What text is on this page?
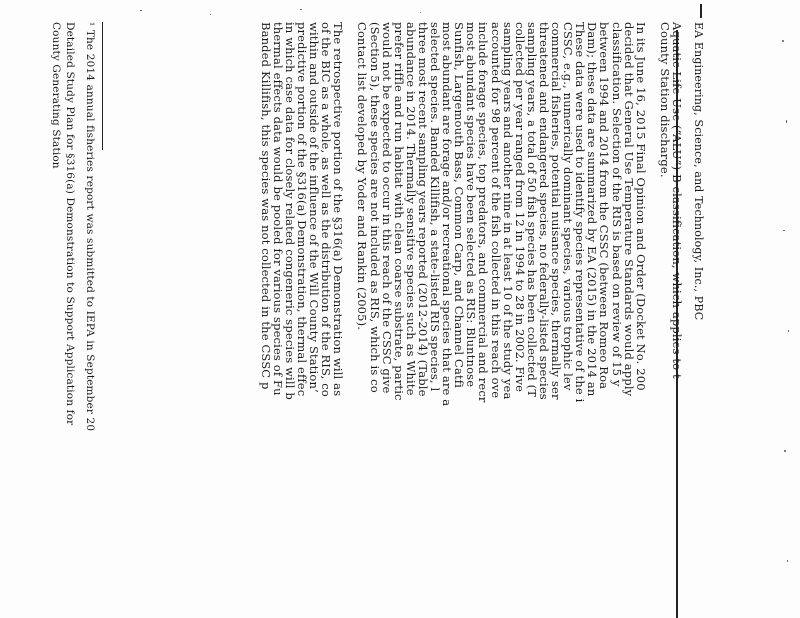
EA Engineering, Science, and Technology, Inc., PBC
Aquatic Life Use (“ALU”) B classification, which applies to t
County Station discharge.
In its June 16, 2015 Final Opinion and Order (Docket No. 200
decided that General Use Temperature Standards would apply
classification. Selection of the RIS is based on review of 15 y
between 1994 and 2014 from the CSSC (between Romeo Roa
Dam); these data are summarized by EA (2015) in the 2014 an
These data were used to identify species representative of the i
CSSC, e.g., numerically dominant species, various trophic lev
commercial fisheries, potential nuisance species, thermally ser
threatened and endangered species, no federally-listed species
sampling years, a total of 50 fish species has been collected (T
collected per year ranged from 12 in 1994 to 28 in 2002. Five
sampling years and another nine in at least 10 of the study yea
accounted for 98 percent of the fish collected in this reach ove
include forage species, top predators, and commercial and recr
most abundant species have been selected as RIS: Bluntnose
Sunfish, Largemouth Bass, Common Carp, and Channel Catfi
most abundant are forage and/or recreational species that are a
selected species. Banded Killifish, a state-listed RIS species, l
three most recent sampling years reported (2012-2014) (Table
abundance in 2014. Thermally sensitive species such as White
prefer riffle and run habitat with clean coarse substrate, partic
would not be expected to occur in this reach of the CSSC give
(Section 5), these species are not included as RIS, which is co
Contact list developed by Yoder and Rankin (2005).
The retrospective portion of the §316(a) Demonstration will as
of the BIC as a whole, as well as the distribution of the RIS, co
within and outside of the influence of the Will County Station’
predictive portion of the §316(a) Demonstration, thermal effec
in which case data for closely related congeneric species will b
thermal effects data would be pooled for various species of Fu
Banded Killifish, this species was not collected in the CSSC p
¹ The 2014 annual fisheries report was submitted to IEPA in September 20
Detailed Study Plan for §316(a) Demonstration to Support Application for
County Generating Station
